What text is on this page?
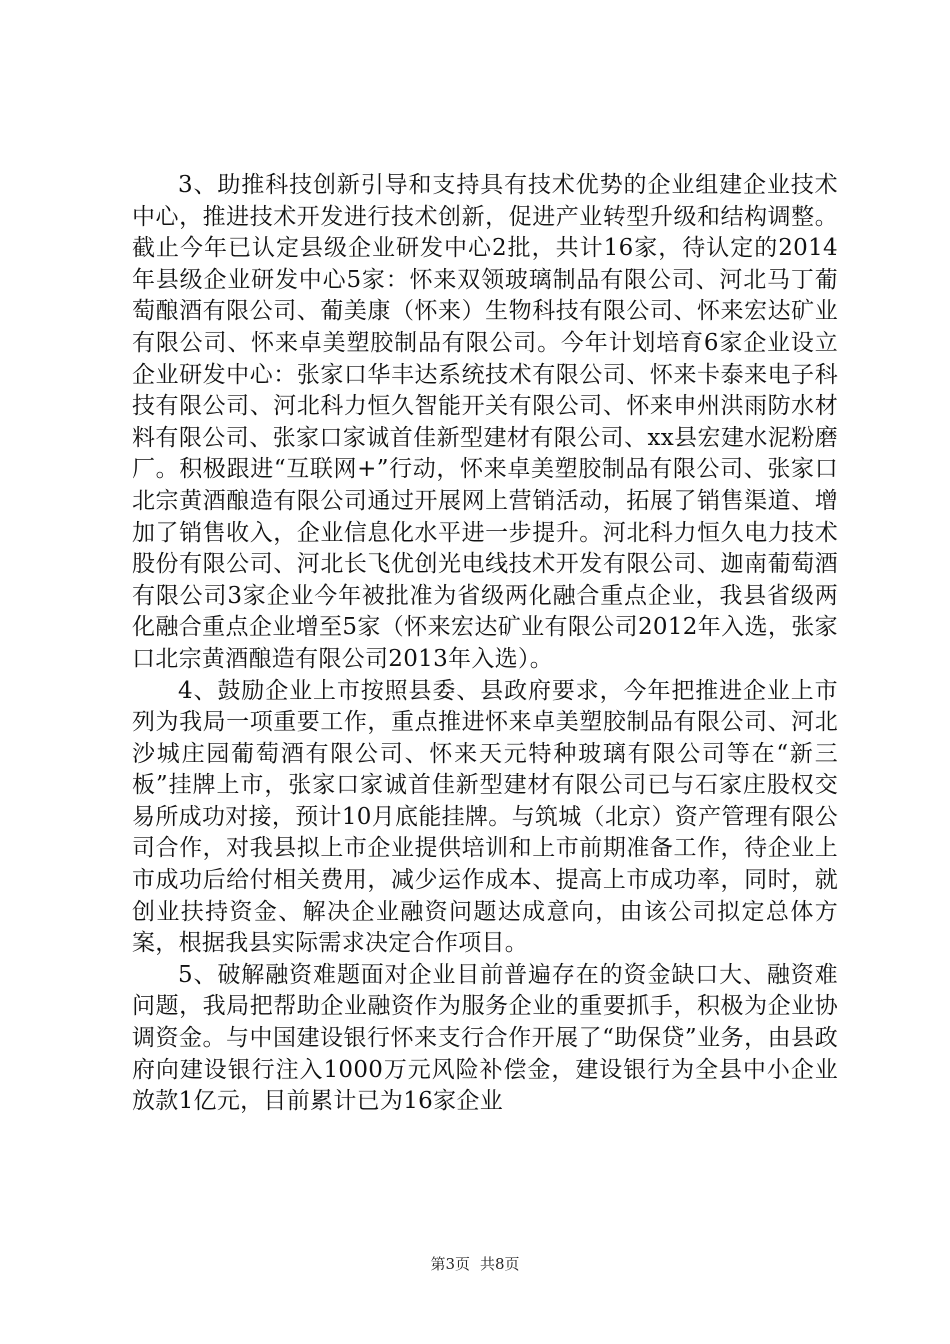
3、助推科技创新引导和支持具有技术优势的企业组建企业技术中心，推进技术开发进行技术创新，促进产业转型升级和结构调整。截止今年已认定县级企业研发中心2批，共计16家，待认定的2014年县级企业研发中心5家：怀来双领玻璃制品有限公司、河北马丁葡萄酿酒有限公司、葡美康（怀来）生物科技有限公司、怀来宏达矿业有限公司、怀来卓美塑胶制品有限公司。今年计划培育6家企业设立企业研发中心：张家口华丰达系统技术有限公司、怀来卡泰来电子科技有限公司、河北科力恒久智能开关有限公司、怀来申州洪雨防水材料有限公司、张家口家诚首佳新型建材有限公司、xx县宏建水泥粉磨厂。积极跟进“互联网+”行动，怀来卓美塑胶制品有限公司、张家口北宗黄酒酿造有限公司通过开展网上营销活动，拓展了销售渠道、增加了销售收入，企业信息化水平进一步提升。河北科力恒久电力技术股份有限公司、河北长飞优创光电线技术开发有限公司、迦南葡萄酒有限公司3家企业今年被批准为省级两化融合重点企业，我县省级两化融合重点企业增至5家（怀来宏达矿业有限公司2012年入选，张家口北宗黄酒酿造有限公司2013年入选）。

4、鼓励企业上市按照县委、县政府要求，今年把推进企业上市列为我局一项重要工作，重点推进怀来卓美塑胶制品有限公司、河北沙城庄园葡萄酒有限公司、怀来天元特种玻璃有限公司等在“新三板”挂牌上市，张家口家诚首佳新型建材有限公司已与石家庄股权交易所成功对接，预计10月底能挂牌。与筑城（北京）资产管理有限公司合作，对我县拟上市企业提供培训和上市前期准备工作，待企业上市成功后给付相关费用，减少运作成本、提高上市成功率，同时，就创业扶持资金、解决企业融资问题达成意向，由该公司拟定总体方案，根据我县实际需求决定合作项目。

5、破解融资难题面对企业目前普遍存在的资金缺口大、融资难问题，我局把帮助企业融资作为服务企业的重要抓手，积极为企业协调资金。与中国建设银行怀来支行合作开展了“助保贷”业务，由县政府向建设银行注入1000万元风险补偿金，建设银行为全县中小企业放款1亿元，目前累计已为16家企业

第3页 共8页
